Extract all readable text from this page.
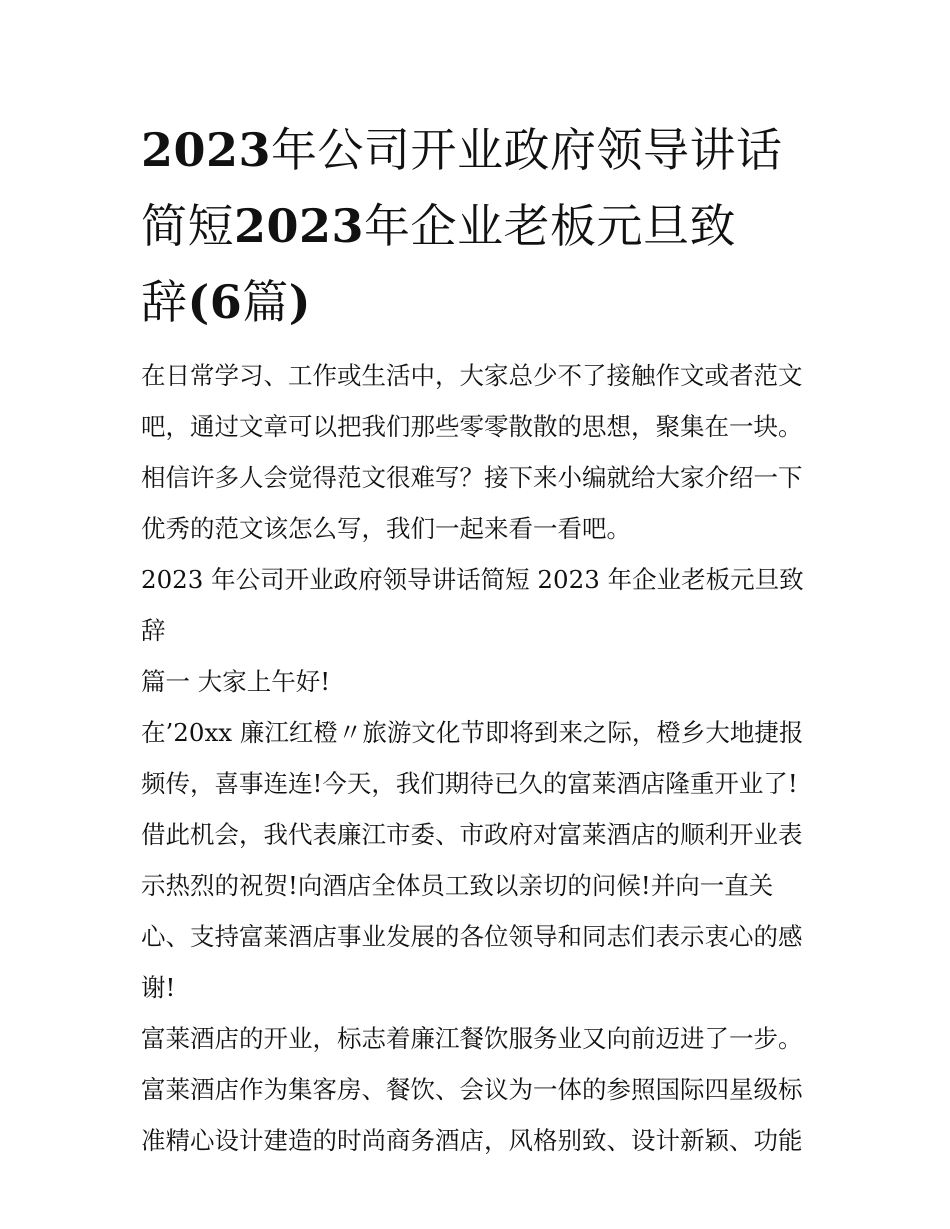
2023年公司开业政府领导讲话简短2023年企业老板元旦致
辞(6篇)

在日常学习、工作或生活中，大家总少不了接触作文或者范文吧，通过文章可以把我们那些零零散散的思想，聚集在一块。相信许多人会觉得范文很难写？接下来小编就给大家介绍一下优秀的范文该怎么写，我们一起来看一看吧。

2023 年公司开业政府领导讲话简短 2023 年企业老板元旦致辞

篇一 大家上午好!

在’20xx 廉江红橙〃旅游文化节即将到来之际，橙乡大地捷报频传，喜事连连!今天，我们期待已久的富莱酒店隆重开业了!借此机会，我代表廉江市委、市政府对富莱酒店的顺利开业表示热烈的祝贺!向酒店全体员工致以亲切的问候!并向一直关心、支持富莱酒店事业发展的各位领导和同志们表示衷心的感谢!

富莱酒店的开业，标志着廉江餐饮服务业又向前迈进了一步。富莱酒店作为集客房、餐饮、会议为一体的参照国际四星级标准精心设计建造的时尚商务酒店，风格别致、设计新颖、功能
